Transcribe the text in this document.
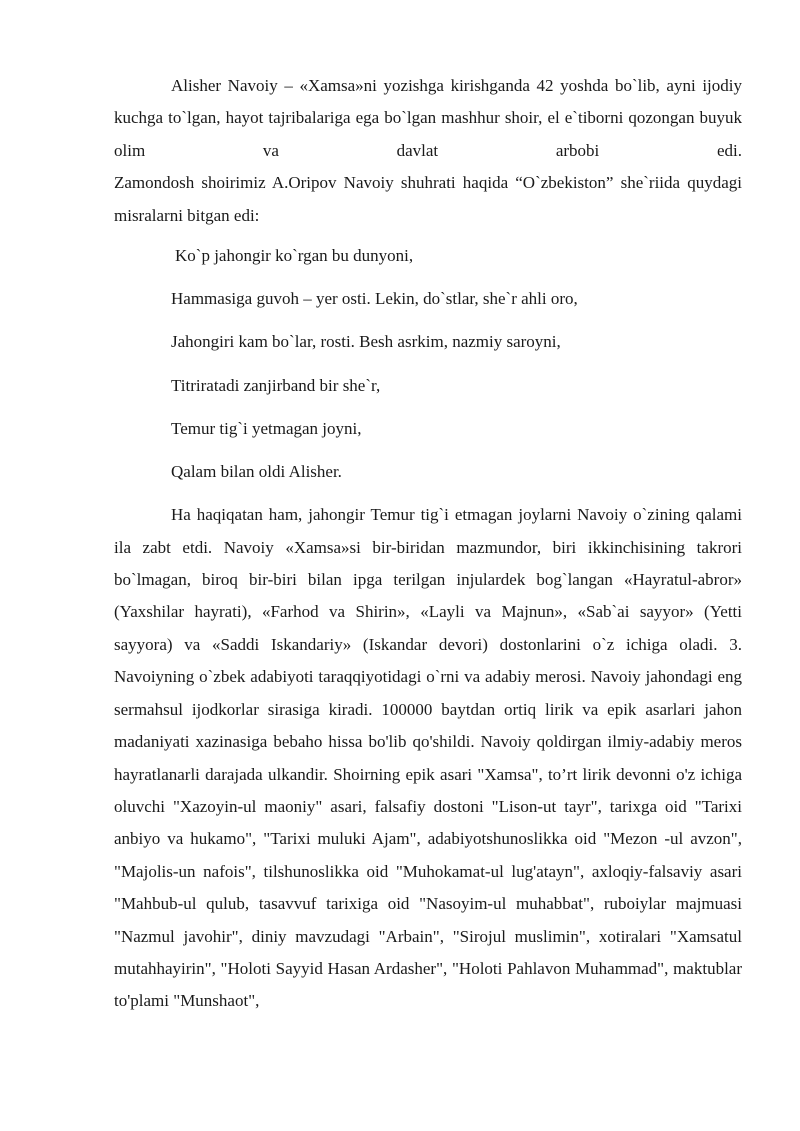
Alisher Navoiy – «Xamsa»ni yozishga kirishganda 42 yoshda bo`lib, ayni ijodiy kuchga to`lgan, hayot tajribalariga ega bo`lgan mashhur shoir, el e`tiborni qozongan buyuk olim va davlat arbobi edi.
Zamondosh shoirimiz A.Oripov Navoiy shuhrati haqida “O`zbekiston” she`riida quydagi misralarni bitgan edi:

Ko`p jahongir ko`rgan bu dunyoni,
Hammasiga guvoh – yer osti. Lekin, do`stlar, she`r ahli oro,
Jahongiri kam bo`lar, rosti. Besh asrkim, nazmiy saroyni,
Titriratadi zanjirband bir she`r,
Temur tig`i yetmagan joyni,
Qalam bilan oldi Alisher.

Ha haqiqatan ham, jahongir Temur tig`i etmagan joylarni Navoiy o`zining qalami ila zabt etdi. Navoiy «Xamsa»si bir-biridan mazmundor, biri ikkinchisining takrori bo`lmagan, biroq bir-biri bilan ipga terilgan injulardek bog`langan «Hayratul-abror» (Yaxshilar hayrati), «Farhod va Shirin», «Layli va Majnun», «Sab`ai sayyor» (Yetti sayyora) va «Saddi Iskandariy» (Iskandar devori) dostonlarini o`z ichiga oladi. 3. Navoiyning o`zbek adabiyoti taraqqiyotidagi o`rni va adabiy merosi. Navoiy jahondagi eng sermahsul ijodkorlar sirasiga kiradi. 100000 baytdan ortiq lirik va epik asarlari jahon madaniyati xazinasiga bebaho hissa bo'lib qo'shildi. Navoiy qoldirgan ilmiy-adabiy meros hayratlanarli darajada ulkandir. Shoirning epik asari "Xamsa", to’rt lirik devonni o'z ichiga oluvchi "Xazoyin-ul maoniy" asari, falsafiy dostoni "Lison-ut tayr", tarixga oid "Tarixi anbiyo va hukamo", "Tarixi muluki Ajam", adabiyotshunoslikka oid "Mezon -ul avzon", "Majolis-un nafois", tilshunoslikka oid "Muhokamat-ul lug'atayn", axloqiy-falsaviy asari "Mahbub-ul qulub, tasavvuf tarixiga oid "Nasoyim-ul muhabbat", ruboiylar majmuasi "Nazmul javohir", diniy mavzudagi "Arbain", "Sirojul muslimin", xotiralari "Xamsatul mutahhayirin", "Holoti Sayyid Hasan Ardasher", "Holoti Pahlavon Muhammad", maktublar to'plami "Munshaot",
